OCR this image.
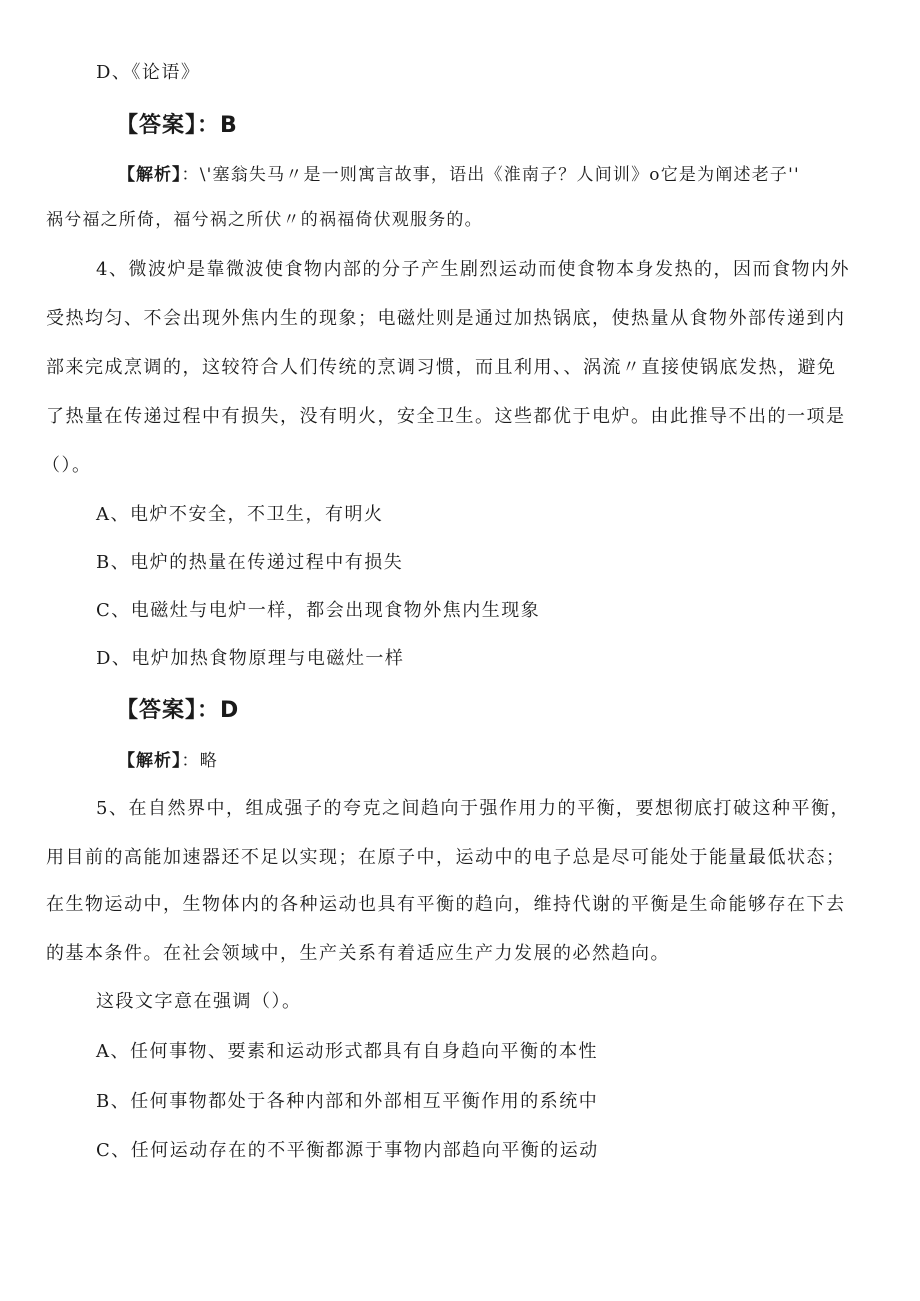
D、《论语》
【答案】：B
【解析】：\'塞翁失马〃是一则寓言故事，语出《淮南子？人间训》o它是为阐述老子''
祸兮福之所倚，福兮祸之所伏〃的祸福倚伏观服务的。
4、微波炉是靠微波使食物内部的分子产生剧烈运动而使食物本身发热的，因而食物内外
受热均匀、不会出现外焦内生的现象；电磁灶则是通过加热锅底，使热量从食物外部传递到内
部来完成烹调的，这较符合人们传统的烹调习惯，而且利用、、涡流〃直接使锅底发热，避免
了热量在传递过程中有损失，没有明火，安全卫生。这些都优于电炉。由此推导不出的一项是
（）。
A、电炉不安全，不卫生，有明火
B、电炉的热量在传递过程中有损失
C、电磁灶与电炉一样，都会出现食物外焦内生现象
D、电炉加热食物原理与电磁灶一样
【答案】：D
【解析】：略
5、在自然界中，组成强子的夸克之间趋向于强作用力的平衡，要想彻底打破这种平衡，
用目前的高能加速器还不足以实现；在原子中，运动中的电子总是尽可能处于能量最低状态；
在生物运动中，生物体内的各种运动也具有平衡的趋向，维持代谢的平衡是生命能够存在下去
的基本条件。在社会领域中，生产关系有着适应生产力发展的必然趋向。
这段文字意在强调（）。
A、任何事物、要素和运动形式都具有自身趋向平衡的本性
B、任何事物都处于各种内部和外部相互平衡作用的系统中
C、任何运动存在的不平衡都源于事物内部趋向平衡的运动
